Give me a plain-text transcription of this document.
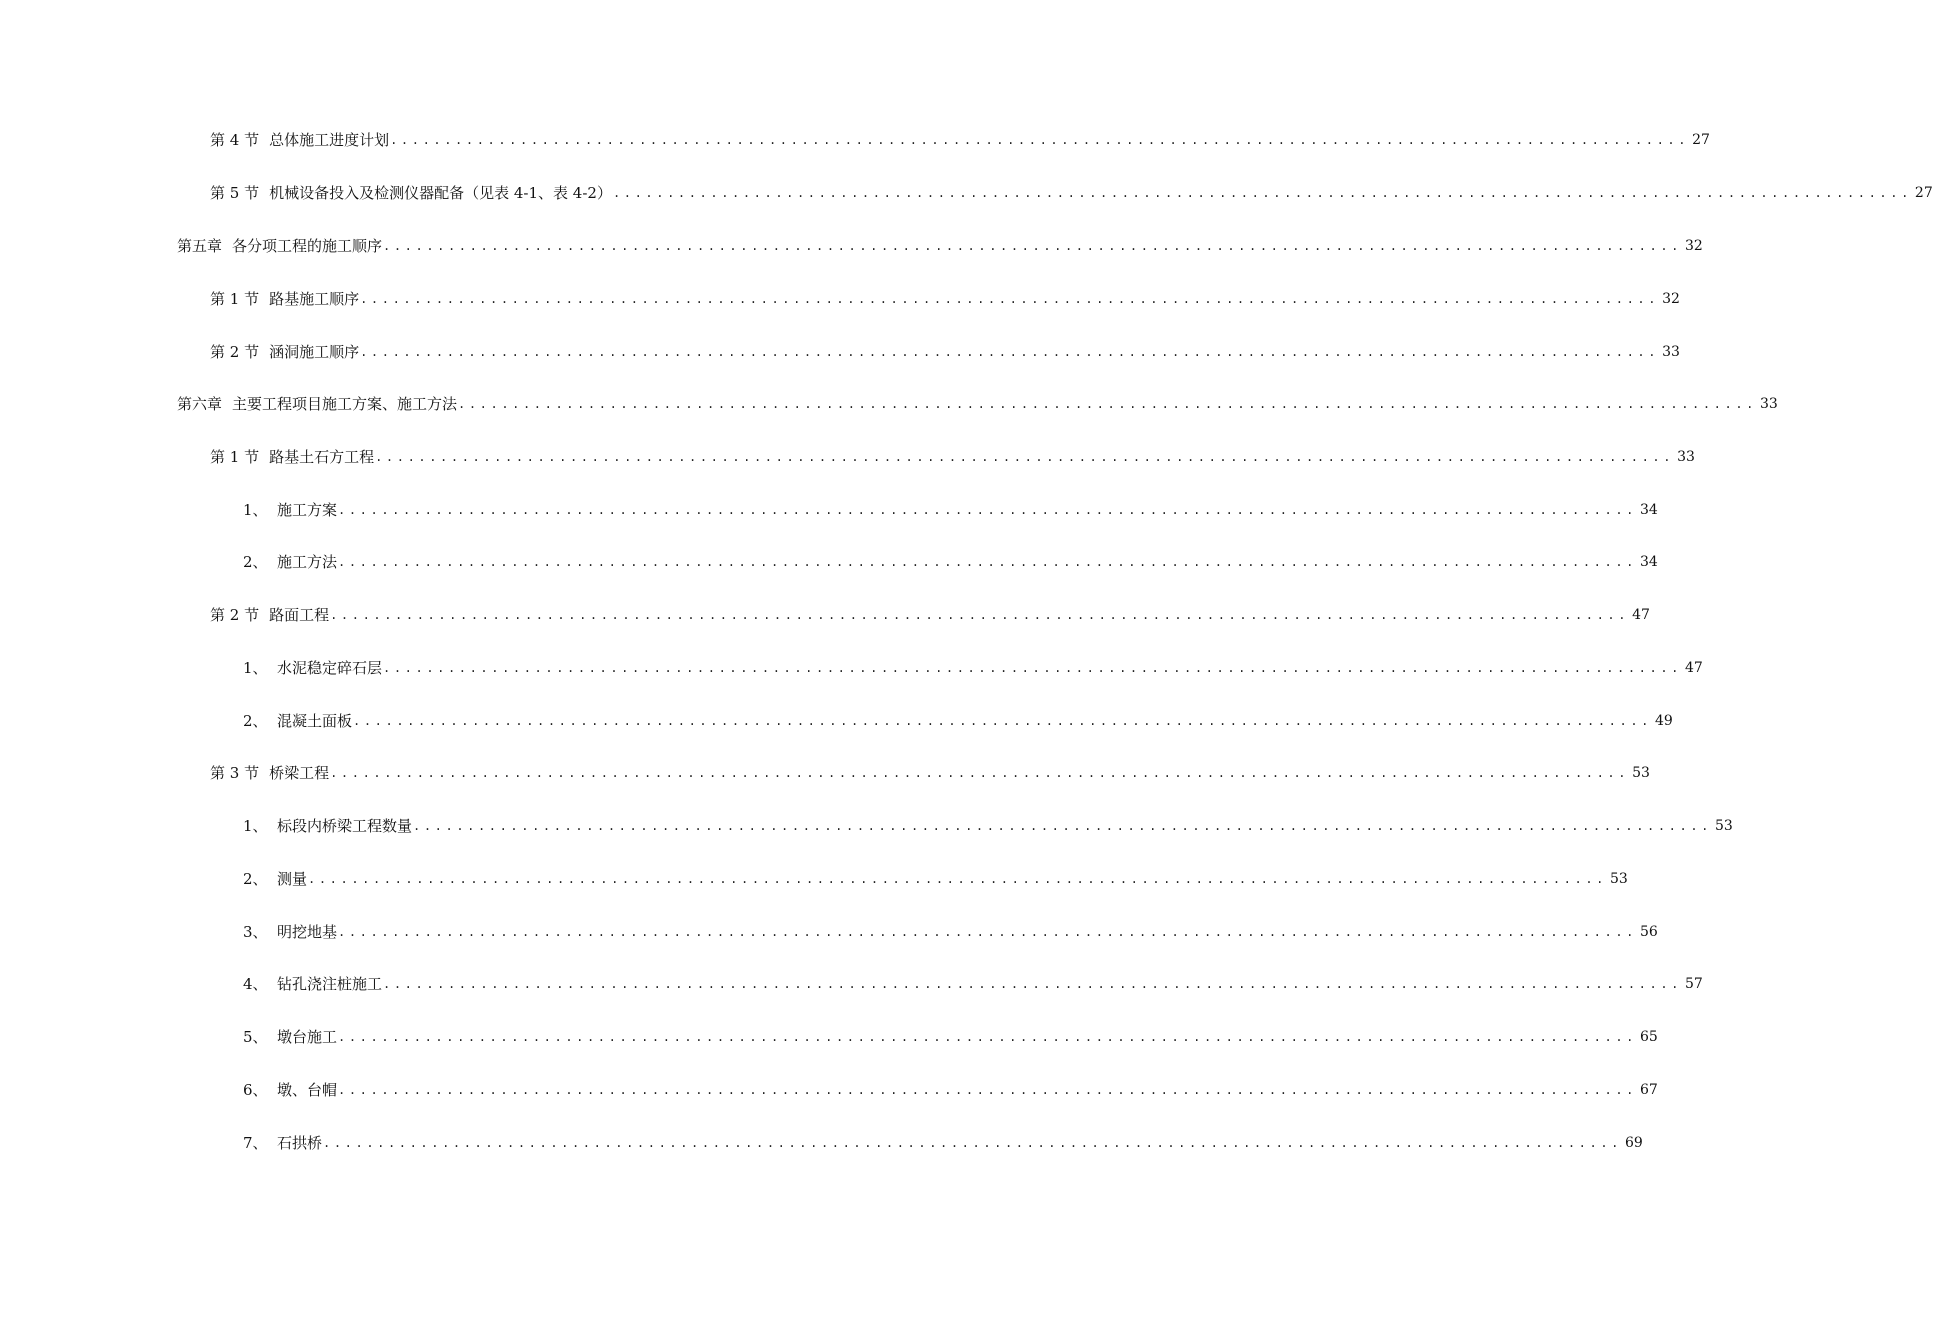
第 4 节 总体施工进度计划 ........................................................................................................................ 27
第 5 节 机械设备投入及检测仪器配备（见表 4-1、表 4-2） ........................................................................................................................ 27
第五章 各分项工程的施工顺序 ........................................................................................................................ 32
第 1 节 路基施工顺序 ........................................................................................................................ 32
第 2 节 涵洞施工顺序 ........................................................................................................................ 33
第六章 主要工程项目施工方案、施工方法 ........................................................................................................................ 33
第 1 节 路基土石方工程 ........................................................................................................................ 33
1、 施工方案 ........................................................................................................................ 34
2、 施工方法 ........................................................................................................................ 34
第 2 节 路面工程 ........................................................................................................................ 47
1、 水泥稳定碎石层 ........................................................................................................................ 47
2、 混凝土面板 ........................................................................................................................ 49
第 3 节 桥梁工程 ........................................................................................................................ 53
1、 标段内桥梁工程数量 ........................................................................................................................ 53
2、 测量 ........................................................................................................................ 53
3、 明挖地基 ........................................................................................................................ 56
4、 钻孔浇注桩施工 ........................................................................................................................ 57
5、 墩台施工 ........................................................................................................................ 65
6、 墩、台帽 ........................................................................................................................ 67
7、 石拱桥 ........................................................................................................................ 69
